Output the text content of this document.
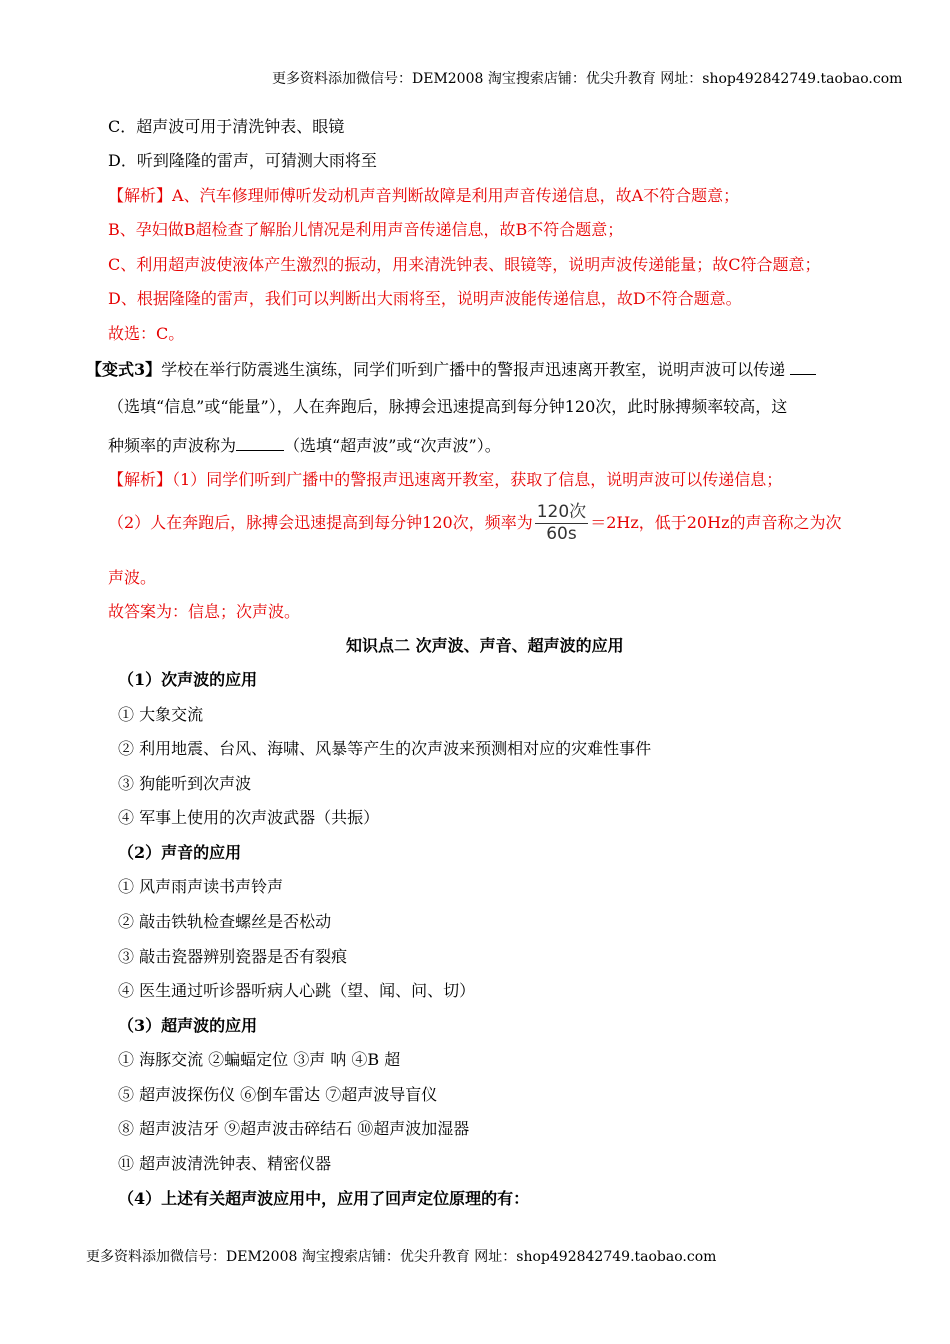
更多资料添加微信号：DEM2008 淘宝搜索店铺：优尖升教育 网址：shop492842749.taobao.com
C．超声波可用于清洗钟表、眼镜
D．听到隆隆的雷声，可猜测大雨将至
【解析】A、汽车修理师傅听发动机声音判断故障是利用声音传递信息，故A不符合题意；
B、孕妇做B超检查了解胎儿情况是利用声音传递信息，故B不符合题意；
C、利用超声波使液体产生激烈的振动，用来清洗钟表、眼镜等，说明声波传递能量；故C符合题意；
D、根据隆隆的雷声，我们可以判断出大雨将至，说明声波能传递信息，故D不符合题意。
故选：C。
【变式3】学校在举行防震逃生演练，同学们听到广播中的警报声迅速离开教室，说明声波可以传递
（选填“信息”或“能量”），人在奔跑后，脉搏会迅速提高到每分钟120次，此时脉搏频率较高，这
种频率的声波称为	（选填“超声波”或“次声波”）。
【解析】（1）同学们听到广播中的警报声迅速离开教室，获取了信息，说明声波可以传递信息；
（2）人在奔跑后，脉搏会迅速提高到每分钟120次，频率为 $\frac{\text{120次}}{60s} =2Hz$，低于20Hz的声音称之为次
声波。
故答案为：信息；次声波。
知识点二 次声波、声音、超声波的应用
（1）次声波的应用
① 大象交流
② 利用地震、台风、海啸、风暴等产生的次声波来预测相对应的灾难性事件
③ 狗能听到次声波
④ 军事上使用的次声波武器（共振）
（2）声音的应用
① 风声雨声读书声铃声
② 敲击铁轨检查螺丝是否松动
③ 敲击瓷器辨别瓷器是否有裂痕
④ 医生通过听诊器听病人心跳（望、闻、问、切）
（3）超声波的应用
① 海豚交流 ②蝙蝠定位 ③声 呐 ④B 超
⑤ 超声波探伤仪 ⑥倒车雷达 ⑦超声波导盲仪
⑧ 超声波洁牙 ⑨超声波击碎结石 ⑩超声波加湿器
⑪ 超声波清洗钟表、精密仪器
（4）上述有关超声波应用中，应用了回声定位原理的有：
更多资料添加微信号：DEM2008 淘宝搜索店铺：优尖升教育 网址：shop492842749.taobao.com
